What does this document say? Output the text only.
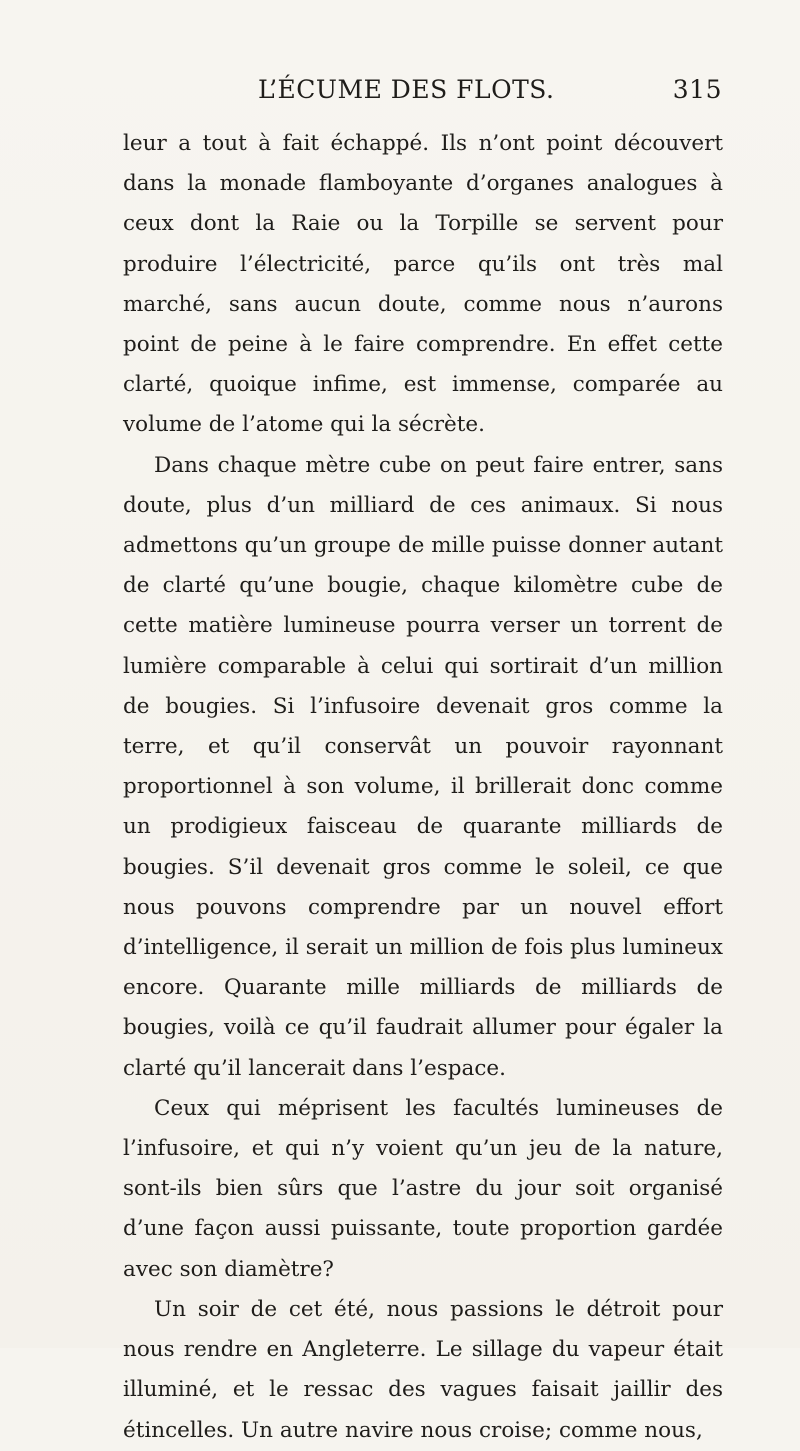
L’ÉCUME DES FLOTS.	315

leur a tout à fait échappé. Ils n’ont point découvert dans la monade flamboyante d’organes analogues à ceux dont la Raie ou la Torpille se servent pour produire l’électricité, parce qu’ils ont très mal marché, sans aucun doute, comme nous n’aurons point de peine à le faire comprendre. En effet cette clarté, quoique infime, est immense, comparée au volume de l’atome qui la sécrète.

Dans chaque mètre cube on peut faire entrer, sans doute, plus d’un milliard de ces animaux. Si nous admettons qu’un groupe de mille puisse donner autant de clarté qu’une bougie, chaque kilomètre cube de cette matière lumineuse pourra verser un torrent de lumière comparable à celui qui sortirait d’un million de bougies. Si l’infusoire devenait gros comme la terre, et qu’il conservât un pouvoir rayonnant proportionnel à son volume, il brillerait donc comme un prodigieux faisceau de quarante milliards de bougies. S’il devenait gros comme le soleil, ce que nous pouvons comprendre par un nouvel effort d’intelligence, il serait un million de fois plus lumineux encore. Quarante mille milliards de milliards de bougies, voilà ce qu’il faudrait allumer pour égaler la clarté qu’il lancerait dans l’espace.

Ceux qui méprisent les facultés lumineuses de l’infusoire, et qui n’y voient qu’un jeu de la nature, sont-ils bien sûrs que l’astre du jour soit organisé d’une façon aussi puissante, toute proportion gardée avec son diamètre?

Un soir de cet été, nous passions le détroit pour nous rendre en Angleterre. Le sillage du vapeur était illuminé, et le ressac des vagues faisait jaillir des étincelles. Un autre navire nous croise; comme nous,
